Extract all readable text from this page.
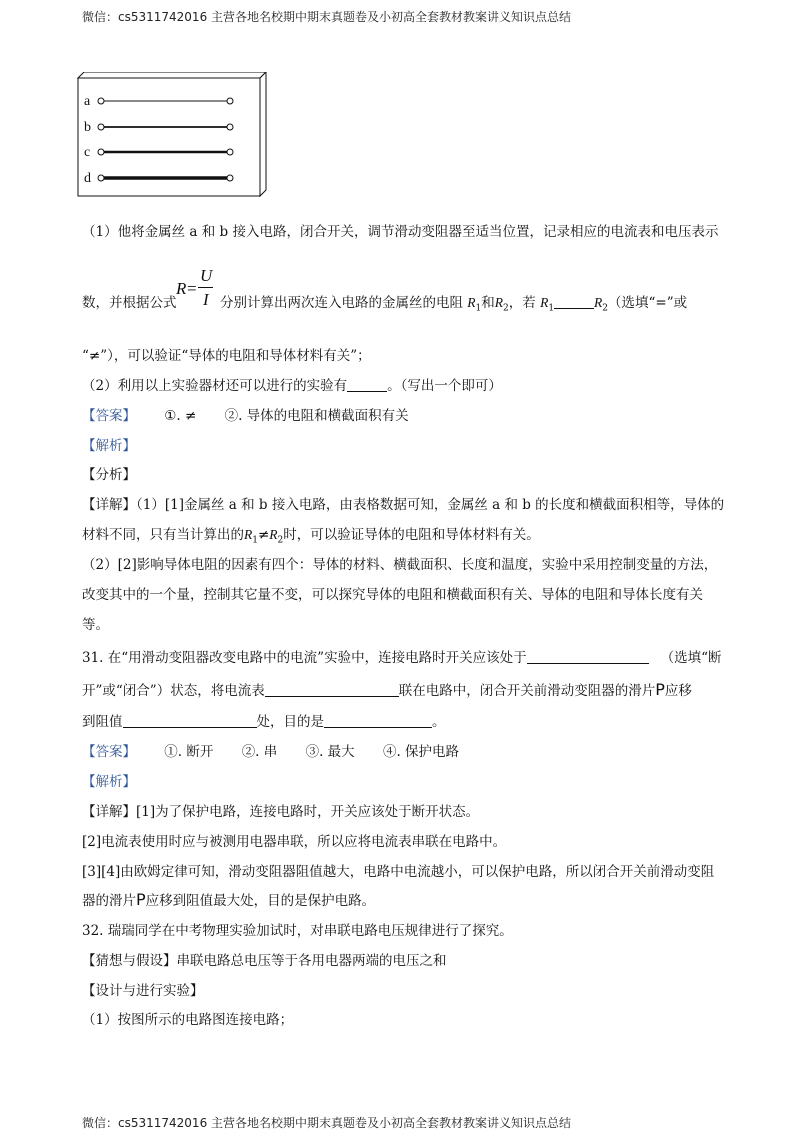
微信：cs5311742016 主营各地名校期中期末真题卷及小初高全套教材教案讲义知识点总结
a
b
c
d
（1）他将金属丝 a 和 b 接入电路，闭合开关，调节滑动变阻器至适当位置，记录相应的电流表和电压表示
R =
U
I
数，并根据公式	分别计算出两次连入电路的金属丝的电阻 $R_1$和$R_2$，若 $R_1$	$R_2$（选填“=”或
“≠”），可以验证“导体的电阻和导体材料有关”；
（2）利用以上实验器材还可以进行的实验有	。（写出一个即可）
【答案】 ①. ≠ ②. 导体的电阻和横截面积有关
【解析】
【分析】
【详解】（1）[1]金属丝 a 和 b 接入电路，由表格数据可知，金属丝 a 和 b 的长度和横截面积相等，导体的
材料不同，只有当计算出的$R_1\ne R_2$时，可以验证导体的电阻和导体材料有关。
（2）[2]影响导体电阻的因素有四个：导体的材料、横截面积、长度和温度，实验中采用控制变量的方法，
改变其中的一个量，控制其它量不变，可以探究导体的电阻和横截面积有关、导体的电阻和导体长度有关
等。
31. 在“用滑动变阻器改变电路中的电流”实验中，连接电路时开关应该处于	（选填“断
开”或“闭合”）状态，将电流表	联在电路中，闭合开关前滑动变阻器的滑片P应移
到阻值	处，目的是	。
【答案】 ①. 断开 ②. 串 ③. 最大 ④. 保护电路
【解析】
【详解】[1]为了保护电路，连接电路时，开关应该处于断开状态。
[2]电流表使用时应与被测用电器串联，所以应将电流表串联在电路中。
[3][4]由欧姆定律可知，滑动变阻器阻值越大，电路中电流越小，可以保护电路，所以闭合开关前滑动变阻
器的滑片P应移到阻值最大处，目的是保护电路。
32. 瑞瑞同学在中考物理实验加试时，对串联电路电压规律进行了探究。
【猜想与假设】串联电路总电压等于各用电器两端的电压之和
【设计与进行实验】
（1）按图所示的电路图连接电路；
微信：cs5311742016 主营各地名校期中期末真题卷及小初高全套教材教案讲义知识点总结
